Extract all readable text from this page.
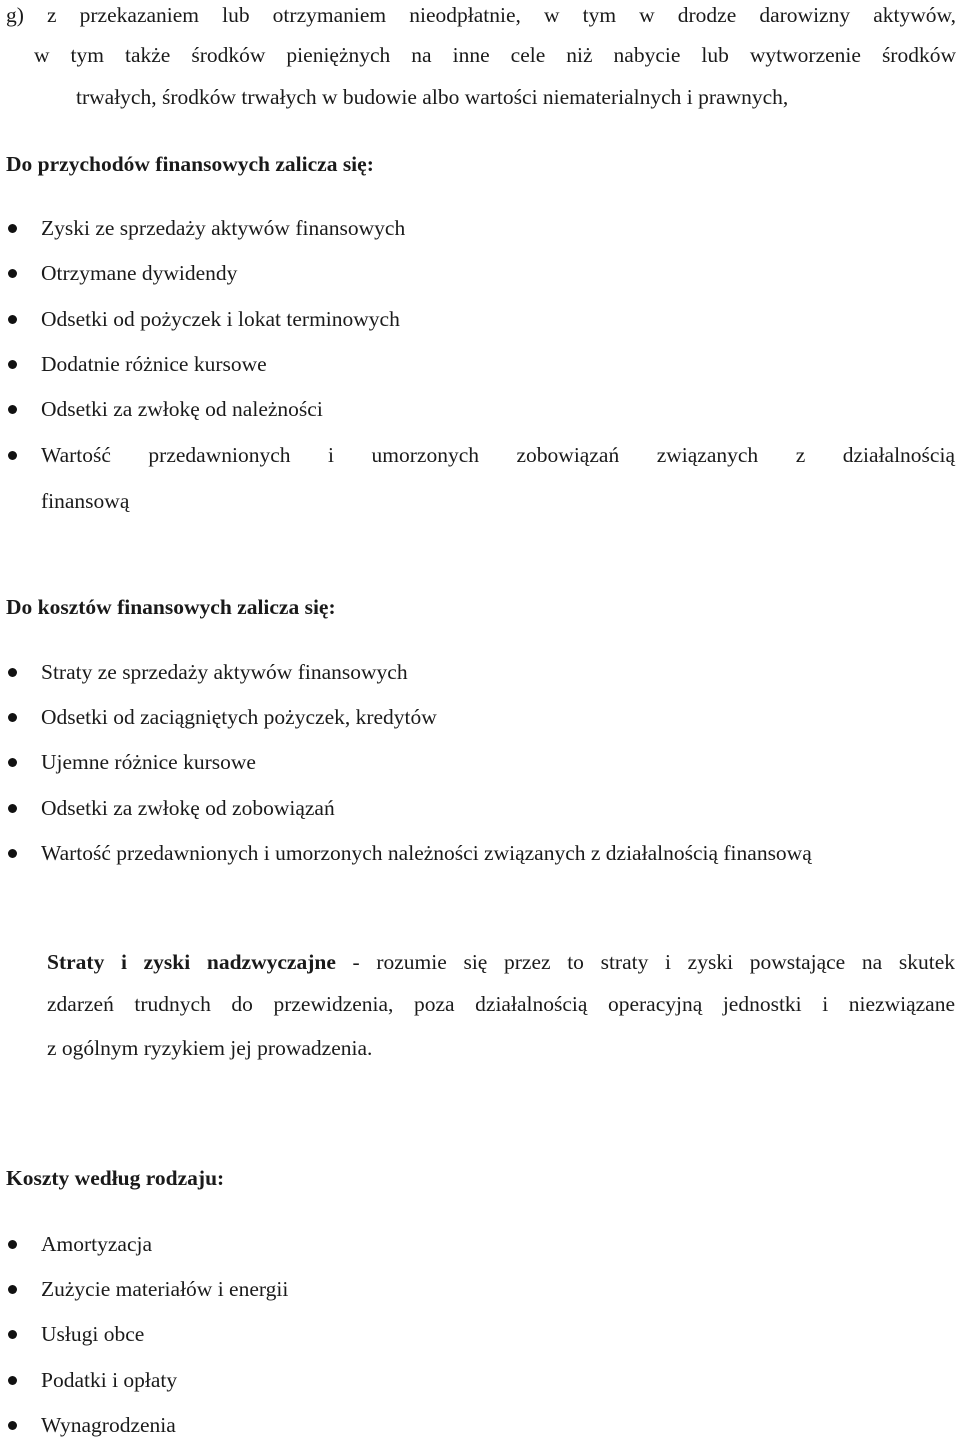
g) z przekazaniem lub otrzymaniem nieodpłatnie, w tym w drodze darowizny aktywów,
w tym także środków pieniężnych na inne cele niż nabycie lub wytworzenie środków
trwałych, środków trwałych w budowie albo wartości niematerialnych i prawnych,
Do przychodów finansowych zalicza się:
Zyski ze sprzedaży aktywów finansowych
Otrzymane dywidendy
Odsetki od pożyczek i lokat terminowych
Dodatnie różnice kursowe
Odsetki za zwłokę od należności
Wartość przedawnionych i umorzonych zobowiązań związanych z działalnością
finansową
Do kosztów finansowych zalicza się:
Straty ze sprzedaży aktywów finansowych
Odsetki od zaciągniętych pożyczek, kredytów
Ujemne różnice kursowe
Odsetki za zwłokę od zobowiązań
Wartość przedawnionych i umorzonych należności związanych z działalnością finansową
Straty i zyski nadzwyczajne - rozumie się przez to straty i zyski powstające na skutek
zdarzeń trudnych do przewidzenia, poza działalnością operacyjną jednostki i niezwiązane
z ogólnym ryzykiem jej prowadzenia.
Koszty według rodzaju:
Amortyzacja
Zużycie materiałów i energii
Usługi obce
Podatki i opłaty
Wynagrodzenia
